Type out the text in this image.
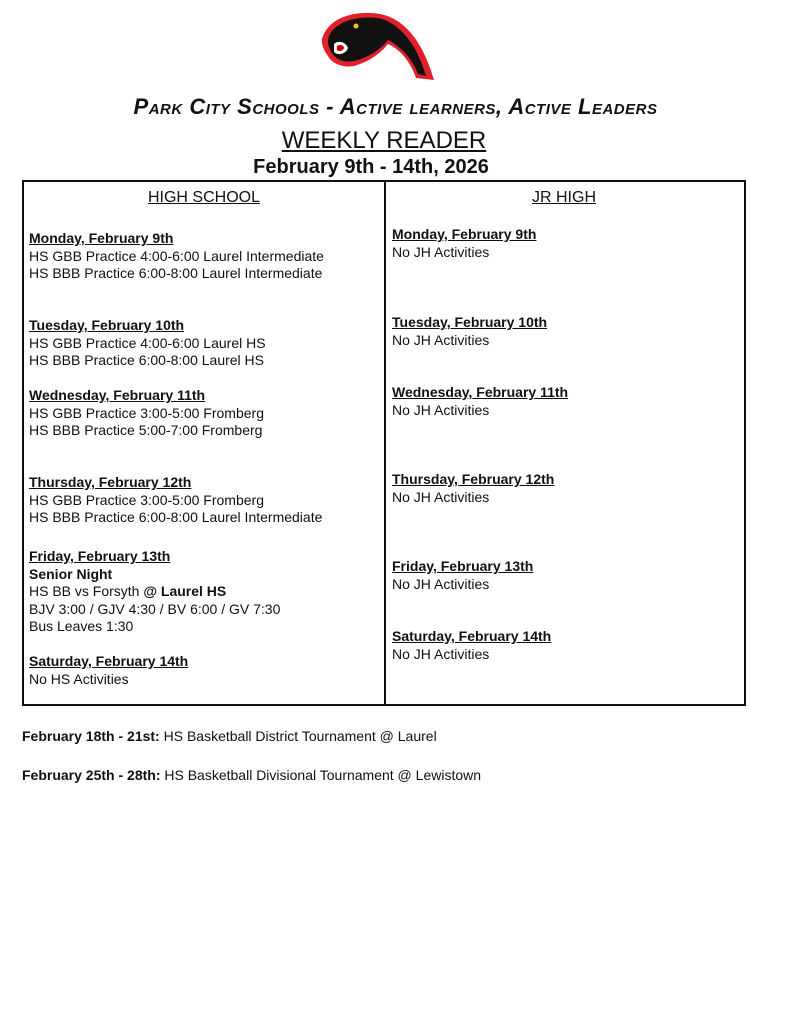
Park City Schools - Active learners, Active Leaders
WEEKLY READER
February 9th - 14th, 2026
HIGH SCHOOL	JR HIGH
Monday, February 9th
HS GBB Practice 4:00-6:00 Laurel Intermediate
HS BBB Practice 6:00-8:00 Laurel Intermediate
Tuesday, February 10th
HS GBB Practice 4:00-6:00 Laurel HS
HS BBB Practice 6:00-8:00 Laurel HS
Wednesday, February 11th
HS GBB Practice 3:00-5:00 Fromberg
HS BBB Practice 5:00-7:00 Fromberg
Thursday, February 12th
HS GBB Practice 3:00-5:00 Fromberg
HS BBB Practice 6:00-8:00 Laurel Intermediate
Friday, February 13th
Senior Night
HS BB vs Forsyth @ Laurel HS
BJV 3:00 / GJV 4:30 / BV 6:00 / GV 7:30
Bus Leaves 1:30
Saturday, February 14th
No HS Activities
Monday, February 9th
No JH Activities
Tuesday, February 10th
No JH Activities
Wednesday, February 11th
No JH Activities
Thursday, February 12th
No JH Activities
Friday, February 13th
No JH Activities
Saturday, February 14th
No JH Activities
February 18th - 21st: HS Basketball District Tournament @ Laurel
February 25th - 28th: HS Basketball Divisional Tournament @ Lewistown
